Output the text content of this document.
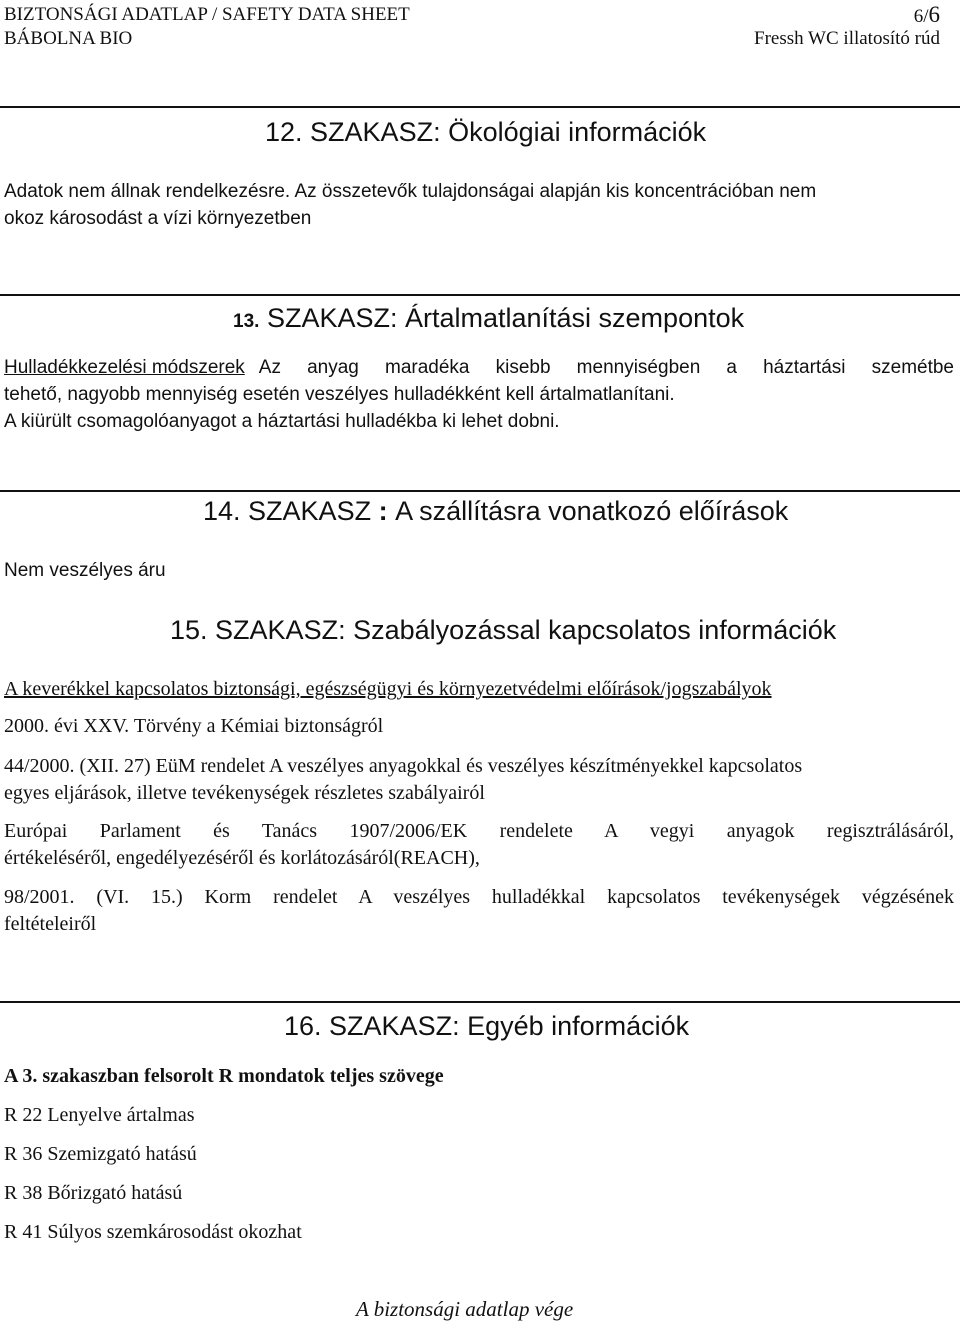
BIZTONSÁGI ADATLAP / SAFETY DATA SHEET
BÁBOLNA BIO
6/6
Fressh WC illatosító rúd
12. SZAKASZ: Ökológiai információk
Adatok nem állnak rendelkezésre. Az összetevők tulajdonságai alapján kis koncentrációban nem
okoz károsodást a vízi környezetben
13. SZAKASZ: Ártalmatlanítási szempontok
Hulladékkezelési módszerek Az anyag maradéka kisebb mennyiségben a háztartási szemétbe
tehető, nagyobb mennyiség esetén veszélyes hulladékként kell ártalmatlanítani.
A kiürült csomagolóanyagot a háztartási hulladékba ki lehet dobni.
14. SZAKASZ : A szállításra vonatkozó előírások
Nem veszélyes áru
15. SZAKASZ: Szabályozással kapcsolatos információk
A keverékkel kapcsolatos biztonsági, egészségügyi és környezetvédelmi előírások/jogszabályok
2000. évi XXV. Törvény a Kémiai biztonságról
44/2000. (XII. 27) EüM rendelet A veszélyes anyagokkal és veszélyes készítményekkel kapcsolatos
egyes eljárások, illetve tevékenységek részletes szabályairól
Európai Parlament és Tanács 1907/2006/EK rendelete A vegyi anyagok regisztrálásáról,
értékeléséről, engedélyezéséről és korlátozásáról(REACH),
98/2001. (VI. 15.) Korm rendelet A veszélyes hulladékkal kapcsolatos tevékenységek végzésének
feltételeiről
16. SZAKASZ: Egyéb információk
A 3. szakaszban felsorolt R mondatok teljes szövege
R 22 Lenyelve ártalmas
R 36 Szemizgató hatású
R 38 Bőrizgató hatású
R 41 Súlyos szemkárosodást okozhat
A biztonsági adatlap vége
